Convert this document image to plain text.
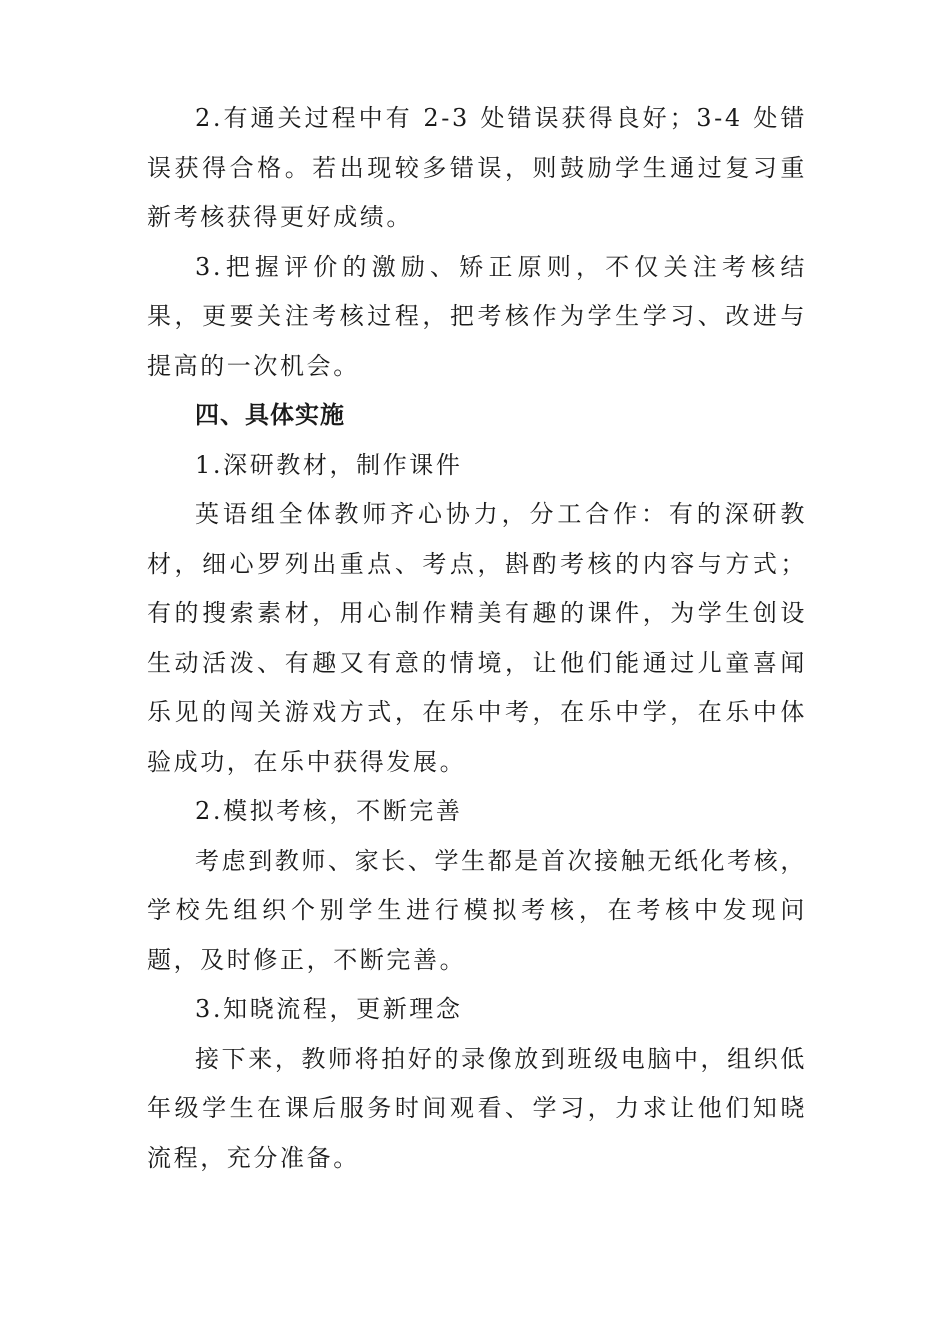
2.有通关过程中有 2-3 处错误获得良好；3-4 处错误获得合格。若出现较多错误，则鼓励学生通过复习重新考核获得更好成绩。

3.把握评价的激励、矫正原则，不仅关注考核结果，更要关注考核过程，把考核作为学生学习、改进与提高的一次机会。

四、具体实施

1.深研教材，制作课件

英语组全体教师齐心协力，分工合作：有的深研教材，细心罗列出重点、考点，斟酌考核的内容与方式；有的搜索素材，用心制作精美有趣的课件，为学生创设生动活泼、有趣又有意的情境，让他们能通过儿童喜闻乐见的闯关游戏方式，在乐中考，在乐中学，在乐中体验成功，在乐中获得发展。

2.模拟考核，不断完善

考虑到教师、家长、学生都是首次接触无纸化考核，学校先组织个别学生进行模拟考核，在考核中发现问题，及时修正，不断完善。

3.知晓流程，更新理念

接下来，教师将拍好的录像放到班级电脑中，组织低年级学生在课后服务时间观看、学习，力求让他们知晓流程，充分准备。
